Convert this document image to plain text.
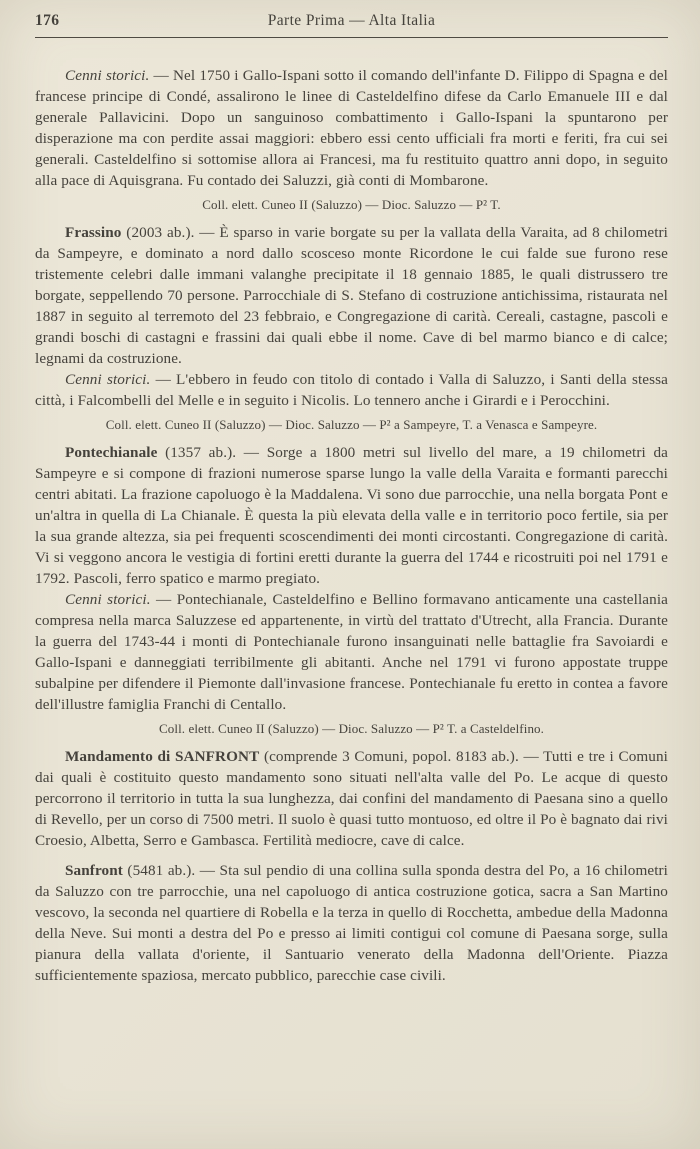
176	Parte Prima — Alta Italia

Cenni storici. — Nel 1750 i Gallo-Ispani sotto il comando dell'infante D. Filippo di Spagna e del francese principe di Condé, assalirono le linee di Casteldelfino difese da Carlo Emanuele III e dal generale Pallavicini. Dopo un sanguinoso combattimento i Gallo-Ispani la spuntarono per disperazione ma con perdite assai maggiori: ebbero essi cento ufficiali fra morti e feriti, fra cui sei generali. Casteldelfino si sottomise allora ai Francesi, ma fu restituito quattro anni dopo, in seguito alla pace di Aquisgrana. Fu contado dei Saluzzi, già conti di Mombarone.

Coll. elett. Cuneo II (Saluzzo) — Dioc. Saluzzo — P² T.

Frassino (2003 ab.). — È sparso in varie borgate su per la vallata della Varaita, ad 8 chilometri da Sampeyre, e dominato a nord dallo scosceso monte Ricordone le cui falde sue furono rese tristemente celebri dalle immani valanghe precipitate il 18 gennaio 1885, le quali distrussero tre borgate, seppellendo 70 persone. Parrocchiale di S. Stefano di costruzione antichissima, ristaurata nel 1887 in seguito al terremoto del 23 febbraio, e Congregazione di carità. Cereali, castagne, pascoli e grandi boschi di castagni e frassini dai quali ebbe il nome. Cave di bel marmo bianco e di calce; legnami da costruzione.

Cenni storici. — L'ebbero in feudo con titolo di contado i Valla di Saluzzo, i Santi della stessa città, i Falcombelli del Melle e in seguito i Nicolis. Lo tennero anche i Girardi e i Perocchini.

Coll. elett. Cuneo II (Saluzzo) — Dioc. Saluzzo — P² a Sampeyre, T. a Venasca e Sampeyre.

Pontechianale (1357 ab.). — Sorge a 1800 metri sul livello del mare, a 19 chilometri da Sampeyre e si compone di frazioni numerose sparse lungo la valle della Varaita e formanti parecchi centri abitati. La frazione capoluogo è la Maddalena. Vi sono due parrocchie, una nella borgata Pont e un'altra in quella di La Chianale. È questa la più elevata della valle e in territorio poco fertile, sia per la sua grande altezza, sia pei frequenti scoscendimenti dei monti circostanti. Congregazione di carità. Vi si veggono ancora le vestigia di fortini eretti durante la guerra del 1744 e ricostruiti poi nel 1791 e 1792. Pascoli, ferro spatico e marmo pregiato.

Cenni storici. — Pontechianale, Casteldelfino e Bellino formavano anticamente una castellania compresa nella marca Saluzzese ed appartenente, in virtù del trattato d'Utrecht, alla Francia. Durante la guerra del 1743-44 i monti di Pontechianale furono insanguinati nelle battaglie fra Savoiardi e Gallo-Ispani e danneggiati terribilmente gli abitanti. Anche nel 1791 vi furono appostate truppe subalpine per difendere il Piemonte dall'invasione francese. Pontechianale fu eretto in contea a favore dell'illustre famiglia Franchi di Centallo.

Coll. elett. Cuneo II (Saluzzo) — Dioc. Saluzzo — P² T. a Casteldelfino.

Mandamento di SANFRONT (comprende 3 Comuni, popol. 8183 ab.). — Tutti e tre i Comuni dai quali è costituito questo mandamento sono situati nell'alta valle del Po. Le acque di questo percorrono il territorio in tutta la sua lunghezza, dai confini del mandamento di Paesana sino a quello di Revello, per un corso di 7500 metri. Il suolo è quasi tutto montuoso, ed oltre il Po è bagnato dai rivi Croesio, Albetta, Serro e Gambasca. Fertilità mediocre, cave di calce.

Sanfront (5481 ab.). — Sta sul pendio di una collina sulla sponda destra del Po, a 16 chilometri da Saluzzo con tre parrocchie, una nel capoluogo di antica costruzione gotica, sacra a San Martino vescovo, la seconda nel quartiere di Robella e la terza in quello di Rocchetta, ambedue della Madonna della Neve. Sui monti a destra del Po e presso ai limiti contigui col comune di Paesana sorge, sulla pianura della vallata d'oriente, il Santuario venerato della Madonna dell'Oriente. Piazza sufficientemente spaziosa, mercato pubblico, parecchie case civili.
